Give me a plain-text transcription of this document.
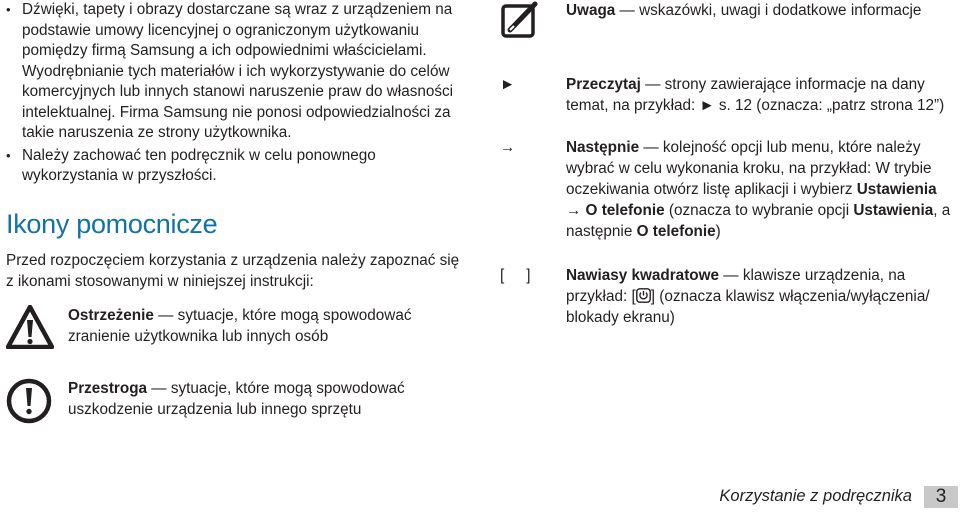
• Dźwięki, tapety i obrazy dostarczane są wraz z urządzeniem na podstawie umowy licencyjnej o ograniczonym użytkowaniu pomiędzy firmą Samsung a ich odpowiednimi właścicielami. Wyodrębnianie tych materiałów i ich wykorzystywanie do celów komercyjnych lub innych stanowi naruszenie praw do własności intelektualnej. Firma Samsung nie ponosi odpowiedzialności za takie naruszenia ze strony użytkownika.
• Należy zachować ten podręcznik w celu ponownego wykorzystania w przyszłości.
Ikony pomocnicze
Przed rozpoczęciem korzystania z urządzenia należy zapoznać się z ikonami stosowanymi w niniejszej instrukcji:
Ostrzeżenie — sytuacje, które mogą spowodować zranienie użytkownika lub innych osób
Przestroga — sytuacje, które mogą spowodować uszkodzenie urządzenia lub innego sprzętu
Uwaga — wskazówki, uwagi i dodatkowe informacje
►	Przeczytaj — strony zawierające informacje na dany temat, na przykład: ► s. 12 (oznacza: „patrz strona 12”)
→	Następnie — kolejność opcji lub menu, które należy wybrać w celu wykonania kroku, na przykład: W trybie oczekiwania otwórz listę aplikacji i wybierz Ustawienia → O telefonie (oznacza to wybranie opcji Ustawienia, a następnie O telefonie)
[ ] Nawiasy kwadratowe — klawisze urządzenia, na przykład: [ ] (oznacza klawisz włączenia/wyłączenia/ blokady ekranu)
Korzystanie z podręcznika	3
